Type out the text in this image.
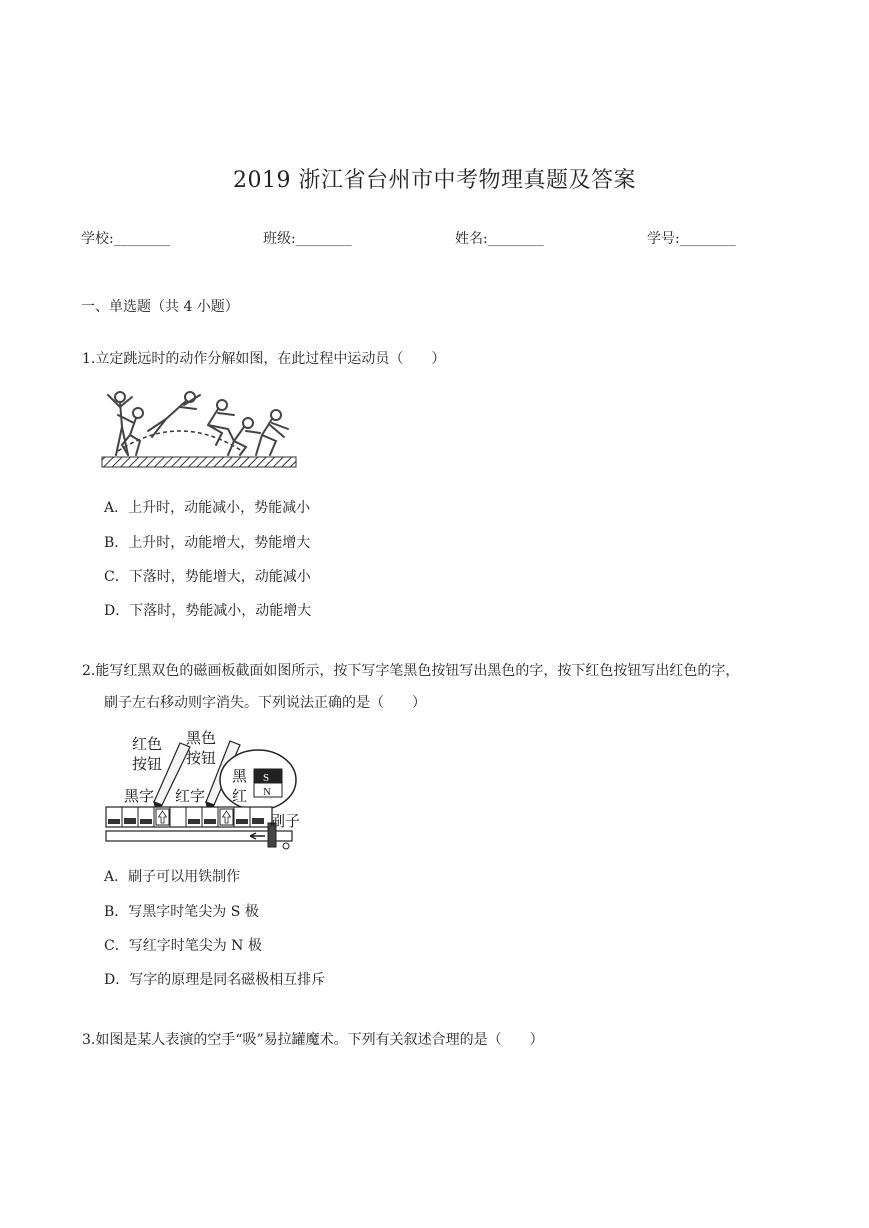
2019 浙江省台州市中考物理真题及答案
学校:________	班级:________	姓名:________	学号:________
一、单选题（共 4 小题）
1.立定跳远时的动作分解如图，在此过程中运动员（　　）
A．上升时，动能减小，势能减小
B．上升时，动能增大，势能增大
C．下落时，势能增大，动能减小
D．下落时，势能减小，动能增大
2.能写红黑双色的磁画板截面如图所示，按下写字笔黑色按钮写出黑色的字，按下红色按钮写出红色的字，
刷子左右移动则字消失。下列说法正确的是（　　）
红色
按钮
黑色
按钮
黑字 红字
黑
红
S
N
刷子
A．刷子可以用铁制作
B．写黑字时笔尖为 S 极
C．写红字时笔尖为 N 极
D．写字的原理是同名磁极相互排斥
3.如图是某人表演的空手“吸”易拉罐魔术。下列有关叙述合理的是（　　）
